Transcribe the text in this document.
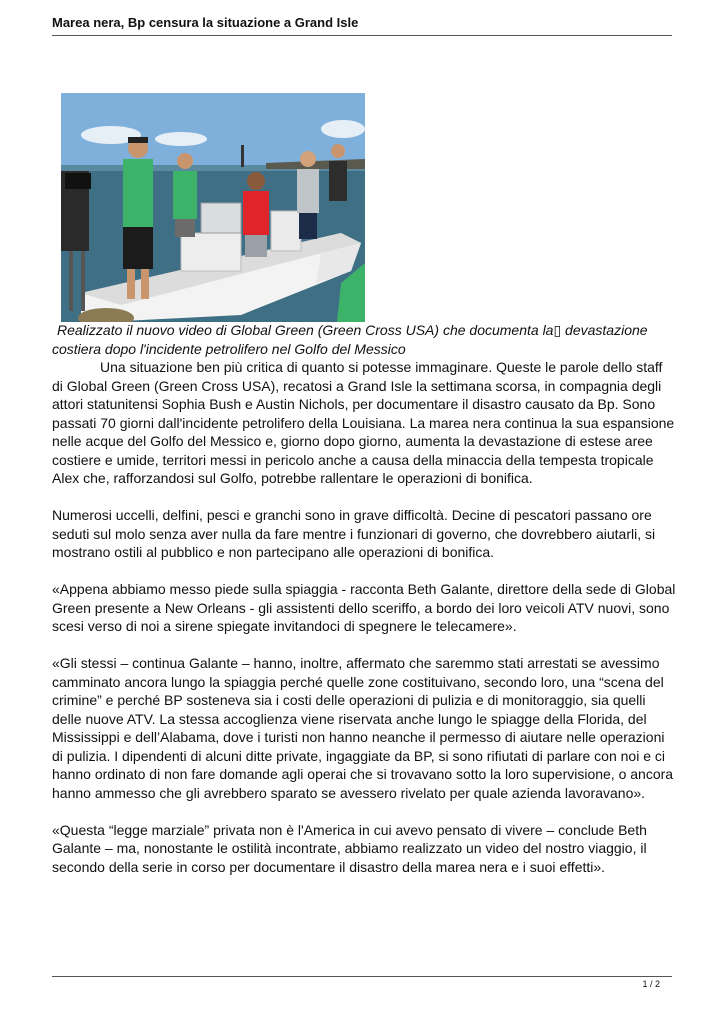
Marea nera, Bp censura la situazione a Grand Isle

Realizzato il nuovo video di Global Green (Green Cross USA) che documenta la▯ devastazione costiera dopo l'incidente petrolifero nel Golfo del Messico

Una situazione ben più critica di quanto si potesse immaginare. Queste le parole dello staff di Global Green (Green Cross USA), recatosi a Grand Isle la settimana scorsa, in compagnia degli attori statunitensi Sophia Bush e Austin Nichols, per documentare il disastro causato da Bp. Sono passati 70 giorni dall'incidente petrolifero della Louisiana. La marea nera continua la sua espansione nelle acque del Golfo del Messico e, giorno dopo giorno, aumenta la devastazione di estese aree costiere e umide, territori messi in pericolo anche a causa della minaccia della tempesta tropicale Alex che, rafforzandosi sul Golfo, potrebbe rallentare le operazioni di bonifica.

Numerosi uccelli, delfini, pesci e granchi sono in grave difficoltà. Decine di pescatori passano ore seduti sul molo senza aver nulla da fare mentre i funzionari di governo, che dovrebbero aiutarli, si mostrano ostili al pubblico e non partecipano alle operazioni di bonifica.

«Appena abbiamo messo piede sulla spiaggia - racconta Beth Galante, direttore della sede di Global Green presente a New Orleans - gli assistenti dello sceriffo, a bordo dei loro veicoli ATV nuovi, sono scesi verso di noi a sirene spiegate invitandoci di spegnere le telecamere».

«Gli stessi – continua Galante – hanno, inoltre, affermato che saremmo stati arrestati se avessimo camminato ancora lungo la spiaggia perché quelle zone costituivano, secondo loro, una “scena del crimine” e perché BP sosteneva sia i costi delle operazioni di pulizia e di monitoraggio, sia quelli delle nuove ATV. La stessa accoglienza viene riservata anche lungo le spiagge della Florida, del Mississippi e dell’Alabama, dove i turisti non hanno neanche il permesso di aiutare nelle operazioni di pulizia. I dipendenti di alcuni ditte private, ingaggiate da BP, si sono rifiutati di parlare con noi e ci hanno ordinato di non fare domande agli operai che si trovavano sotto la loro supervisione, o ancora hanno ammesso che gli avrebbero sparato se avessero rivelato per quale azienda lavoravano».

«Questa “legge marziale” privata non è l'America in cui avevo pensato di vivere – conclude Beth Galante – ma, nonostante le ostilità incontrate, abbiamo realizzato un video del nostro viaggio, il secondo della serie in corso per documentare il disastro della marea nera e i suoi effetti».

1 / 2
